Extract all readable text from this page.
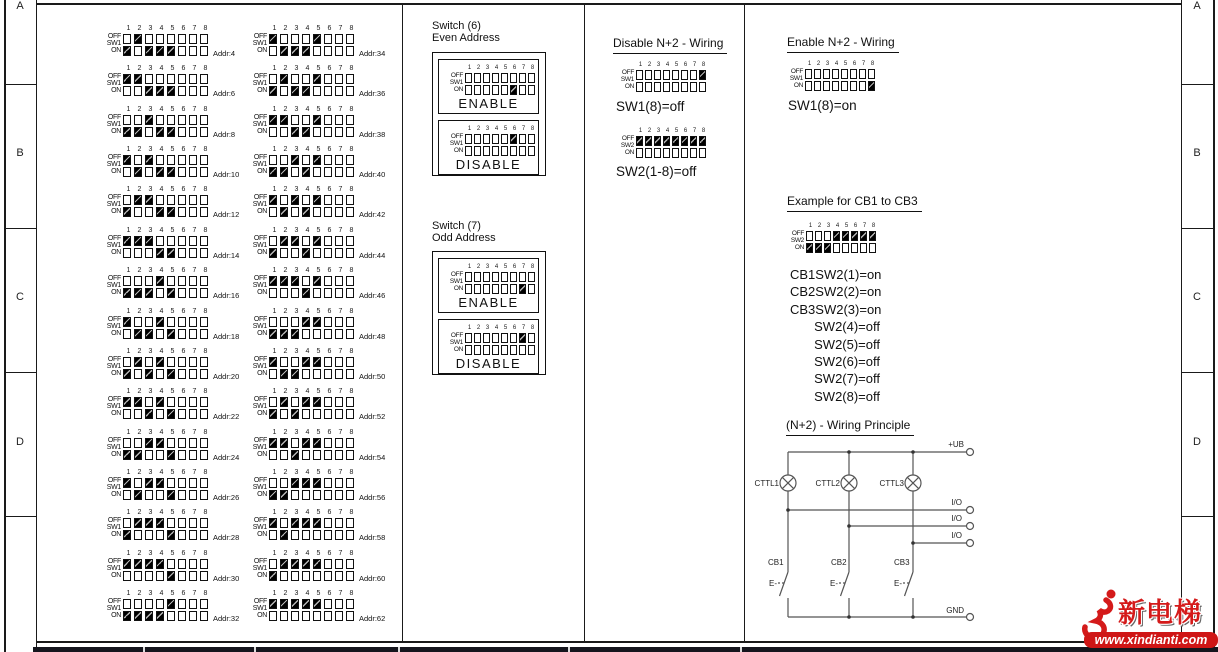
A
B
C
D
A
B
C
D
Switch (6)
Even Address
1 2 3 4 5 6 7 8
OFF
SW1
ON
ENABLE
1 2 3 4 5 6 7 8
OFF
SW1
ON
DISABLE
Switch (7)
Odd Address
1 2 3 4 5 6 7 8
OFF
SW1
ON
ENABLE
1 2 3 4 5 6 7 8
OFF
SW1
ON
DISABLE
Disable N+2 - Wiring
1 2 3 4 5 6 7 8
OFF
SW1
ON
SW1(8)=off
1 2 3 4 5 6 7 8
OFF
SW2
ON
SW2(1-8)=off
Enable N+2 - Wiring
1 2 3 4 5 6 7 8
OFF
SW1
ON
SW1(8)=on
Example for CB1 to CB3
1 2 3 4 5 6 7 8
OFF
SW2
ON
CB1SW2(1)=on
CB2SW2(2)=on
CB3SW2(3)=on
SW2(4)=off
SW2(5)=off
SW2(6)=off
SW2(7)=off
SW2(8)=off
(N+2) - Wiring Principle
+UB
I/O
I/O
I/O
GND
CTTL1	CTTL2	CTTL3
CB1	CB2	CB3
E-	E-	E-
新电梯
www.xindianti.com
1	2	3	4	5	6	7	8
OFF
SW1
ON	Addr:4
1	2	3	4	5	6	7	8
OFF
SW1
ON	Addr:6
1	2	3	4	5	6	7	8
OFF
SW1
ON	Addr:8
1	2	3	4	5	6	7	8
OFF
SW1
ON	Addr:10
1	2	3	4	5	6	7	8
OFF
SW1
ON	Addr:12
1	2	3	4	5	6	7	8
OFF
SW1
ON	Addr:14
1	2	3	4	5	6	7	8
OFF
SW1
ON	Addr:16
1	2	3	4	5	6	7	8
OFF
SW1
ON	Addr:18
1	2	3	4	5	6	7	8
OFF
SW1
ON	Addr:20
1	2	3	4	5	6	7	8
OFF
SW1
ON	Addr:22
1	2	3	4	5	6	7	8
OFF
SW1
ON	Addr:24
1	2	3	4	5	6	7	8
OFF
SW1
ON	Addr:26
1	2	3	4	5	6	7	8
OFF
SW1
ON	Addr:28
1	2	3	4	5	6	7	8
OFF
SW1
ON	Addr:30
1	2	3	4	5	6	7	8
OFF
SW1
ON	Addr:32
1	2	3	4	5	6	7	8
OFF
SW1
ON	Addr:34
1	2	3	4	5	6	7	8
OFF
SW1
ON	Addr:36
1	2	3	4	5	6	7	8
OFF
SW1
ON	Addr:38
1	2	3	4	5	6	7	8
OFF
SW1
ON	Addr:40
1	2	3	4	5	6	7	8
OFF
SW1
ON	Addr:42
1	2	3	4	5	6	7	8
OFF
SW1
ON	Addr:44
1	2	3	4	5	6	7	8
OFF
SW1
ON	Addr:46
1	2	3	4	5	6	7	8
OFF
SW1
ON	Addr:48
1	2	3	4	5	6	7	8
OFF
SW1
ON	Addr:50
1	2	3	4	5	6	7	8
OFF
SW1
ON	Addr:52
1	2	3	4	5	6	7	8
OFF
SW1
ON	Addr:54
1	2	3	4	5	6	7	8
OFF
SW1
ON	Addr:56
1	2	3	4	5	6	7	8
OFF
SW1
ON	Addr:58
1	2	3	4	5	6	7	8
OFF
SW1
ON	Addr:60
1	2	3	4	5	6	7	8
OFF
SW1
ON	Addr:62
